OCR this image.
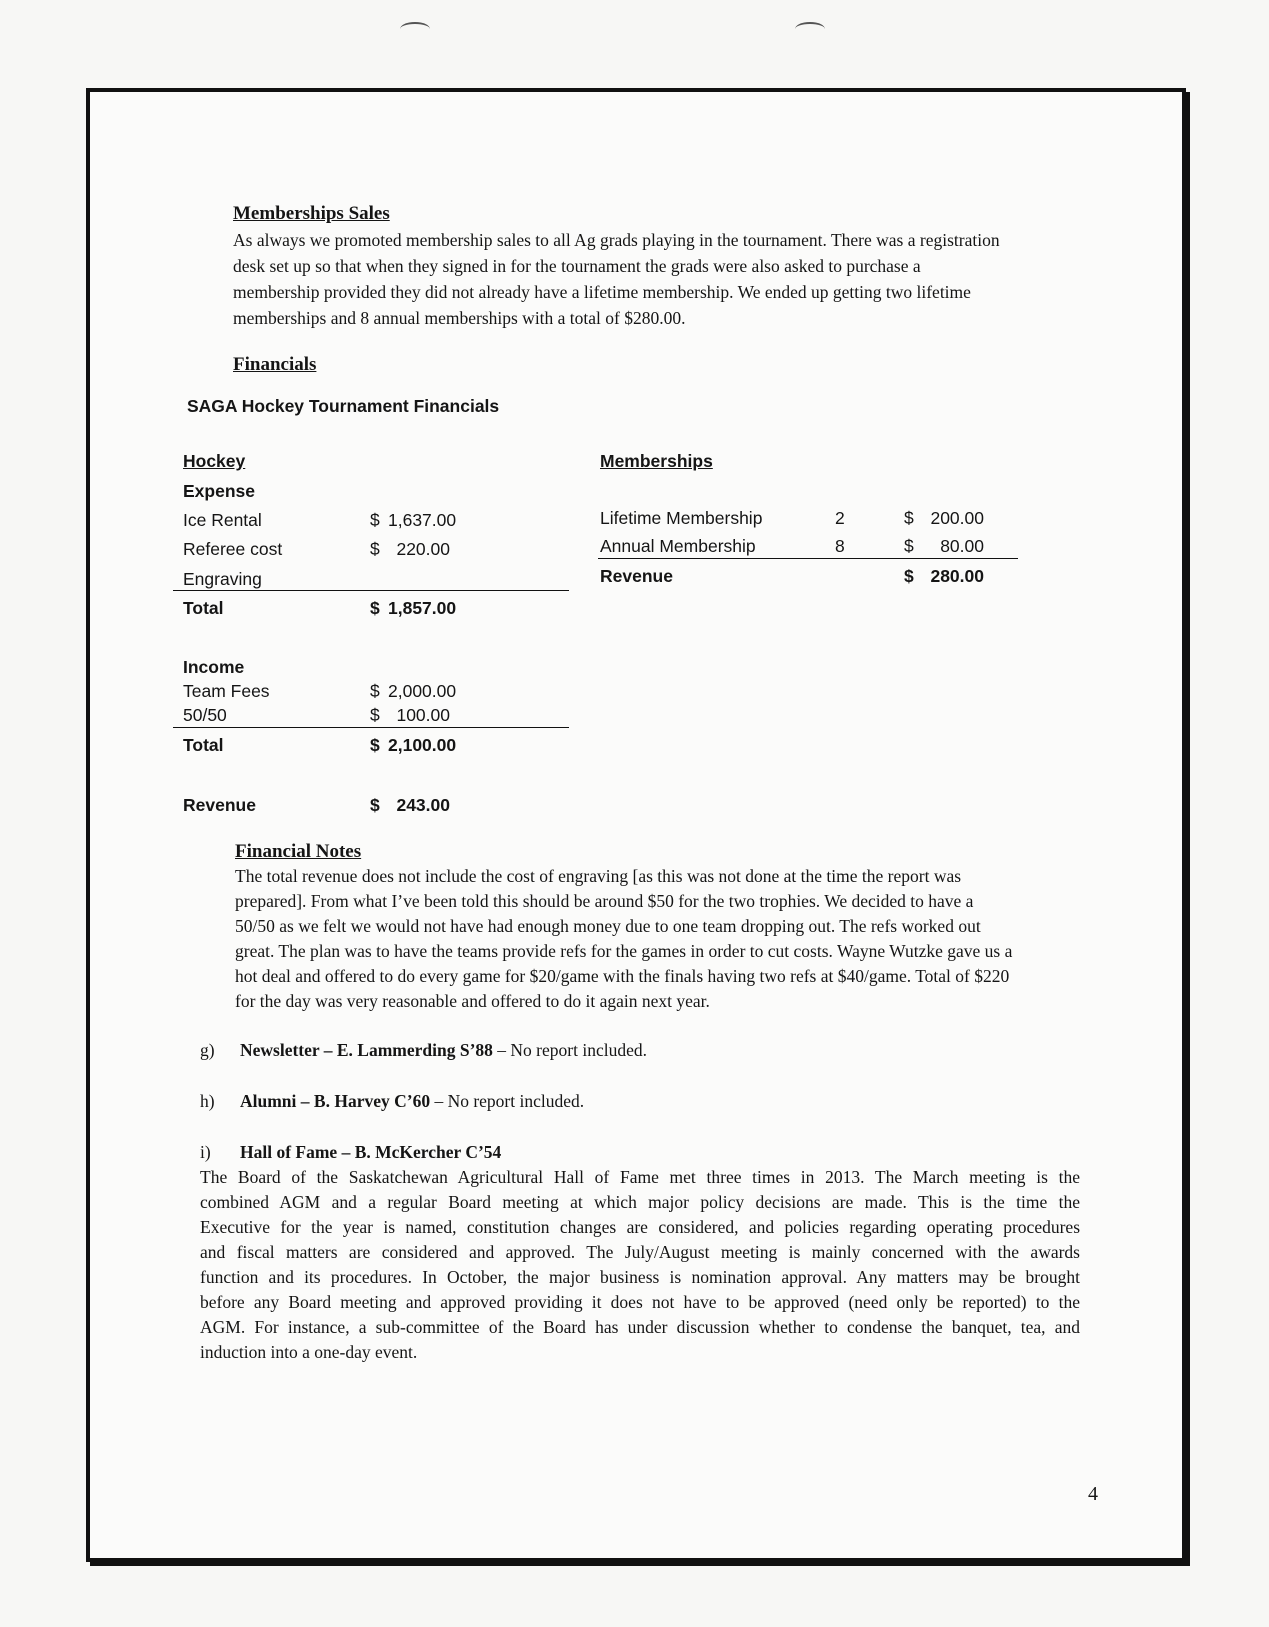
Memberships Sales
As always we promoted membership sales to all Ag grads playing in the tournament. There was a registration
desk set up so that when they signed in for the tournament the grads were also asked to purchase a
membership provided they did not already have a lifetime membership. We ended up getting two lifetime
memberships and 8 annual memberships with a total of $280.00.
Financials
SAGA Hockey Tournament Financials
Hockey
Expense
Ice Rental	$ 1,637.00
Referee cost	$ 220.00
Engraving
Total	$ 1,857.00
Income
Team Fees	$ 2,000.00
50/50	$ 100.00
Total	$ 2,100.00
Revenue	$ 243.00
Memberships
Lifetime Membership	2	$ 200.00
Annual Membership	8	$ 80.00
Revenue	$ 280.00
Financial Notes
The total revenue does not include the cost of engraving [as this was not done at the time the report was
prepared]. From what I’ve been told this should be around $50 for the two trophies. We decided to have a
50/50 as we felt we would not have had enough money due to one team dropping out. The refs worked out
great. The plan was to have the teams provide refs for the games in order to cut costs. Wayne Wutzke gave us a
hot deal and offered to do every game for $20/game with the finals having two refs at $40/game. Total of $220
for the day was very reasonable and offered to do it again next year.
g) Newsletter – E. Lammerding S’88 – No report included.
h) Alumni – B. Harvey C’60 – No report included.
i) Hall of Fame – B. McKercher C’54
The Board of the Saskatchewan Agricultural Hall of Fame met three times in 2013. The March meeting is the
combined AGM and a regular Board meeting at which major policy decisions are made. This is the time the
Executive for the year is named, constitution changes are considered, and policies regarding operating procedures
and fiscal matters are considered and approved. The July/August meeting is mainly concerned with the awards
function and its procedures. In October, the major business is nomination approval. Any matters may be brought
before any Board meeting and approved providing it does not have to be approved (need only be reported) to the
AGM. For instance, a sub-committee of the Board has under discussion whether to condense the banquet, tea, and
induction into a one-day event.
4
